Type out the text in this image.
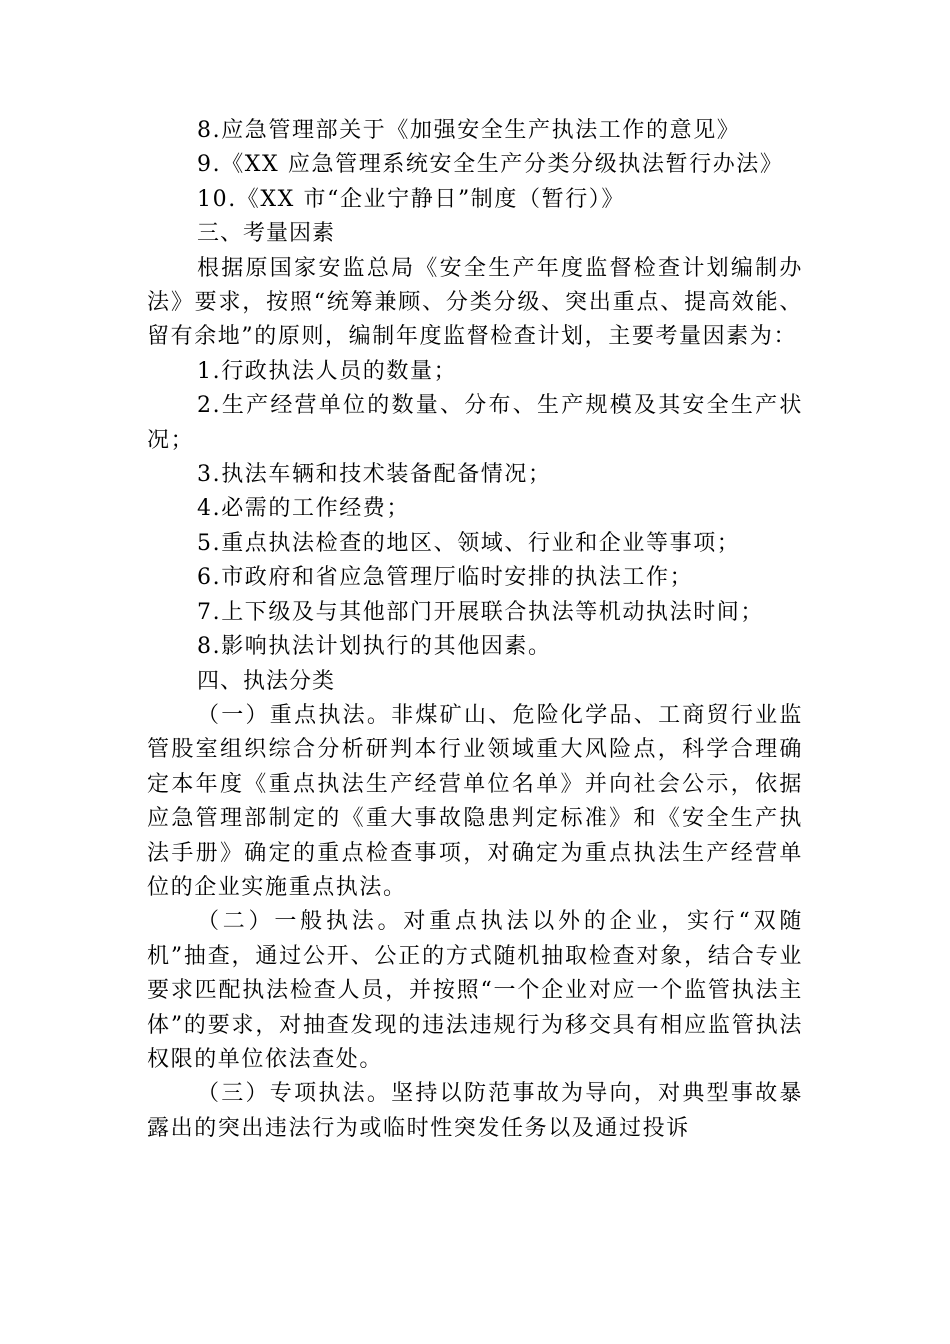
8.应急管理部关于《加强安全生产执法工作的意见》

9.《XX 应急管理系统安全生产分类分级执法暂行办法》

10.《XX 市“企业宁静日”制度（暂行）》

三、考量因素

根据原国家安监总局《安全生产年度监督检查计划编制办法》要求，按照“统筹兼顾、分类分级、突出重点、提高效能、留有余地”的原则，编制年度监督检查计划，主要考量因素为：

1.行政执法人员的数量；

2.生产经营单位的数量、分布、生产规模及其安全生产状况；

3.执法车辆和技术装备配备情况；

4.必需的工作经费；

5.重点执法检查的地区、领域、行业和企业等事项；

6.市政府和省应急管理厅临时安排的执法工作；

7.上下级及与其他部门开展联合执法等机动执法时间；

8.影响执法计划执行的其他因素。

四、执法分类

（一）重点执法。非煤矿山、危险化学品、工商贸行业监管股室组织综合分析研判本行业领域重大风险点，科学合理确定本年度《重点执法生产经营单位名单》并向社会公示，依据应急管理部制定的《重大事故隐患判定标准》和《安全生产执法手册》确定的重点检查事项，对确定为重点执法生产经营单位的企业实施重点执法。

（二）一般执法。对重点执法以外的企业，实行“双随机”抽查，通过公开、公正的方式随机抽取检查对象，结合专业要求匹配执法检查人员，并按照“一个企业对应一个监管执法主体”的要求，对抽查发现的违法违规行为移交具有相应监管执法权限的单位依法查处。

（三）专项执法。坚持以防范事故为导向，对典型事故暴露出的突出违法行为或临时性突发任务以及通过投诉
